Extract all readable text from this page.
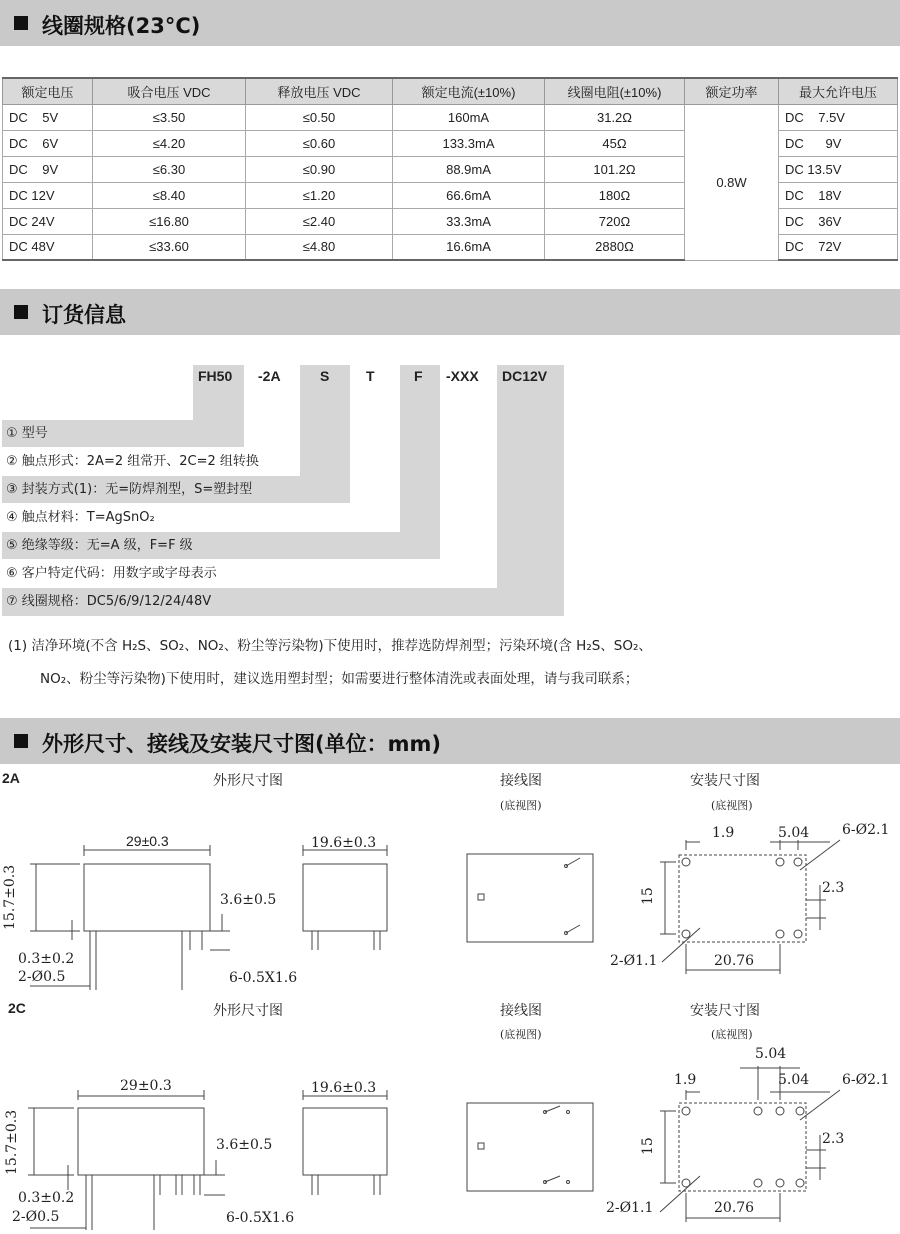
线圈规格(23°C)
额定电压	吸合电压 VDC	释放电压 VDC	额定电流(±10%)	线圈电阻(±10%)	额定功率	最大允许电压
DC    5V	≤3.50	≤0.50	160mA	31.2Ω	0.8W	DC    7.5V
DC    6V	≤4.20	≤0.60	133.3mA	45Ω		DC      9V
DC    9V	≤6.30	≤0.90	88.9mA	101.2Ω		DC 13.5V
DC 12V	≤8.40	≤1.20	66.6mA	180Ω		DC    18V
DC 24V	≤16.80	≤2.40	33.3mA	720Ω		DC    36V
DC 48V	≤33.60	≤4.80	16.6mA	2880Ω		DC    72V
订货信息
FH50 -2A	S	T	F -XXX DC12V
① 型号
② 触点形式：2A=2 组常开、2C=2 组转换
③ 封装方式(1)：无=防焊剂型，S=塑封型
④ 触点材料：T=AgSnO₂
⑤ 绝缘等级：无=A 级，F=F 级
⑥ 客户特定代码：用数字或字母表示
⑦ 线圈规格：DC5/6/9/12/24/48V
(1) 洁净环境(不含 H₂S、SO₂、NO₂、粉尘等污染物)下使用时，推荐选防焊剂型；污染环境(含 H₂S、SO₂、
NO₂、粉尘等污染物)下使用时，建议选用塑封型；如需要进行整体清洗或表面处理，请与我司联系；
外形尺寸、接线及安装尺寸图(单位：mm)
2A	外形尺寸图	接线图
(底视图)
安装尺寸图
(底视图)
29±0.3
15.7±0.3	3.6±0.5
0.3±0.2
2-Ø0.5	6-0.5X1.6
19.6±0.3
1.9	5.04 6-Ø2.1
15	2.3
2-Ø1.1	20.76
2C	外形尺寸图	接线图
(底视图)
安装尺寸图
(底视图)
29±0.3
15.7±0.3	3.6±0.5
0.3±0.2
2-Ø0.5	6-0.5X1.6
19.6±0.3
5.04
1.9	5.04 6-Ø2.1
15	2.3
2-Ø1.1	20.76
